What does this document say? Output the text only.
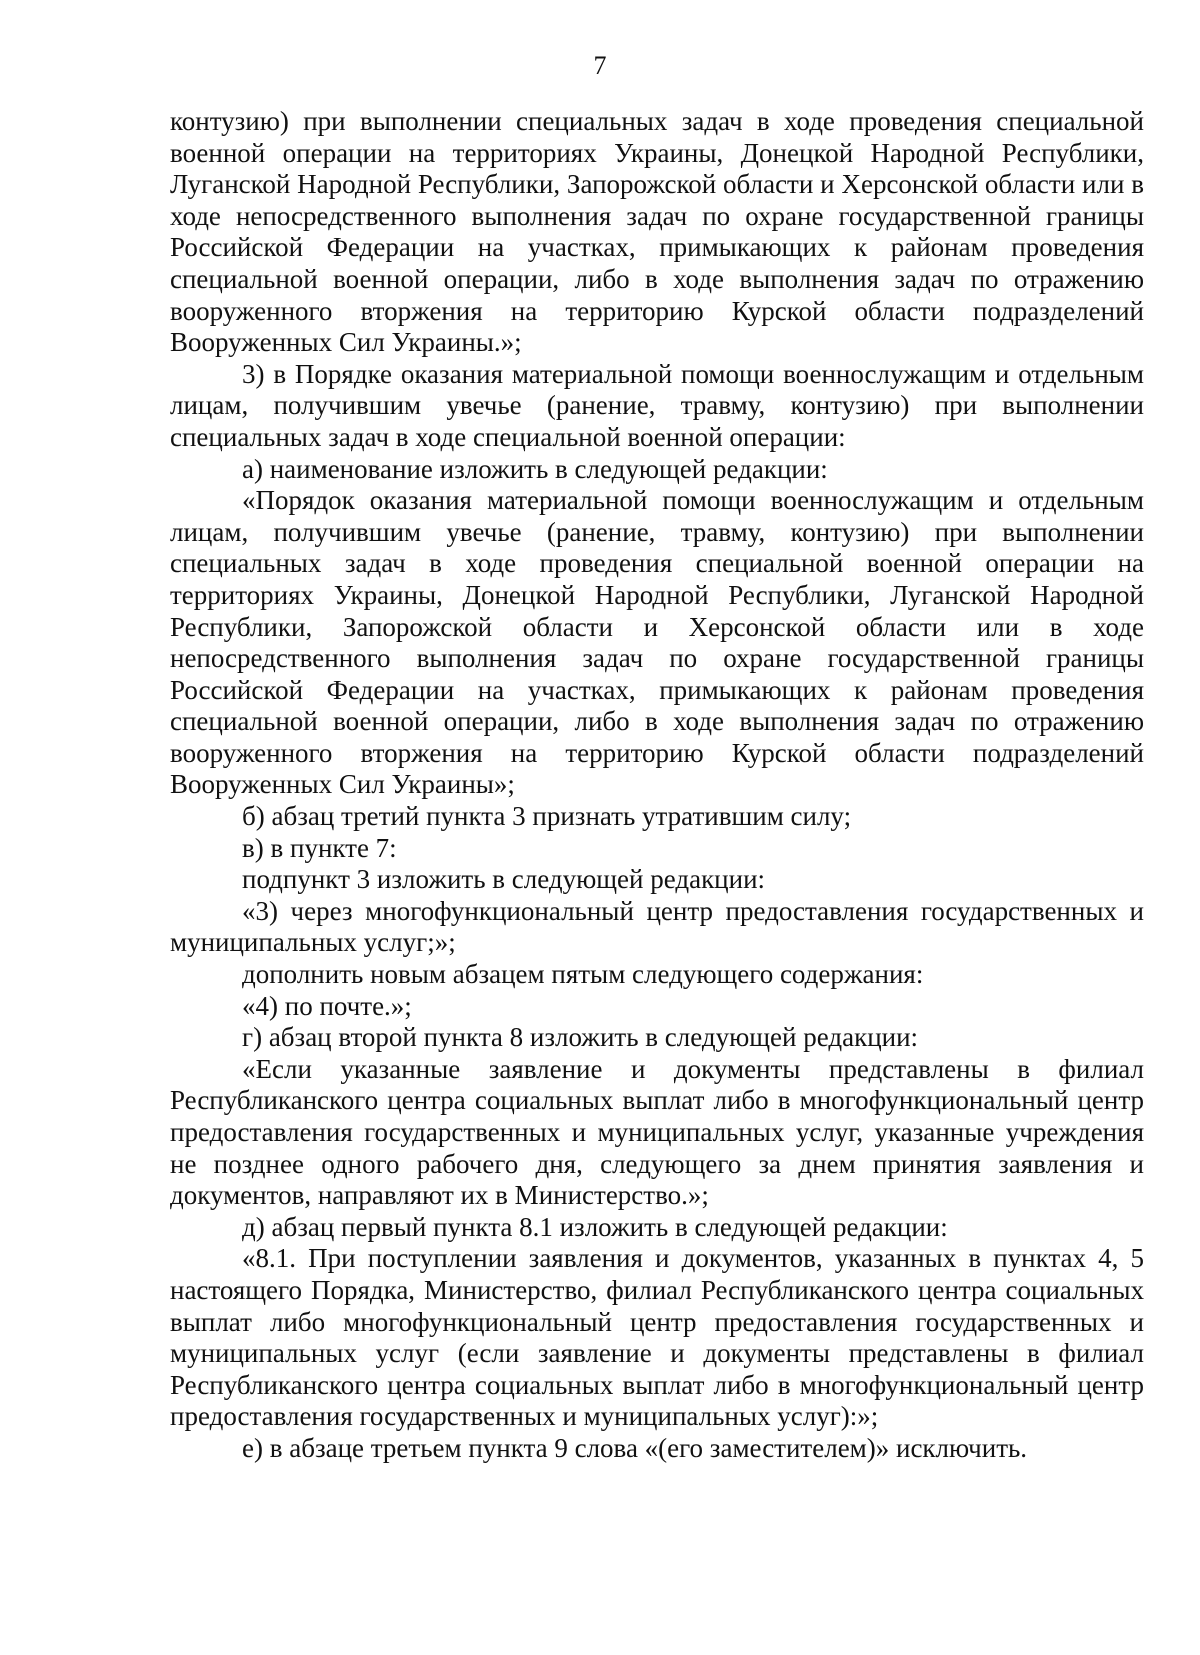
7

контузию) при выполнении специальных задач в ходе проведения специальной военной операции на территориях Украины, Донецкой Народной Республики, Луганской Народной Республики, Запорожской области и Херсонской области или в ходе непосредственного выполнения задач по охране государственной границы Российской Федерации на участках, примыкающих к районам проведения специальной военной операции, либо в ходе выполнения задач по отражению вооруженного вторжения на территорию Курской области подразделений Вооруженных Сил Украины.»;

3) в Порядке оказания материальной помощи военнослужащим и отдельным лицам, получившим увечье (ранение, травму, контузию) при выполнении специальных задач в ходе специальной военной операции:

а) наименование изложить в следующей редакции:

«Порядок оказания материальной помощи военнослужащим и отдельным лицам, получившим увечье (ранение, травму, контузию) при выполнении специальных задач в ходе проведения специальной военной операции на территориях Украины, Донецкой Народной Республики, Луганской Народной Республики, Запорожской области и Херсонской области или в ходе непосредственного выполнения задач по охране государственной границы Российской Федерации на участках, примыкающих к районам проведения специальной военной операции, либо в ходе выполнения задач по отражению вооруженного вторжения на территорию Курской области подразделений Вооруженных Сил Украины»;

б) абзац третий пункта 3 признать утратившим силу;

в) в пункте 7:

подпункт 3 изложить в следующей редакции:

«3) через многофункциональный центр предоставления государственных и муниципальных услуг;»;

дополнить новым абзацем пятым следующего содержания:

«4) по почте.»;

г) абзац второй пункта 8 изложить в следующей редакции:

«Если указанные заявление и документы представлены в филиал Республиканского центра социальных выплат либо в многофункциональный центр предоставления государственных и муниципальных услуг, указанные учреждения не позднее одного рабочего дня, следующего за днем принятия заявления и документов, направляют их в Министерство.»;

д) абзац первый пункта 8.1 изложить в следующей редакции:

«8.1. При поступлении заявления и документов, указанных в пунктах 4, 5 настоящего Порядка, Министерство, филиал Республиканского центра социальных выплат либо многофункциональный центр предоставления государственных и муниципальных услуг (если заявление и документы представлены в филиал Республиканского центра социальных выплат либо в многофункциональный центр предоставления государственных и муниципальных услуг):»;

е) в абзаце третьем пункта 9 слова «(его заместителем)» исключить.
